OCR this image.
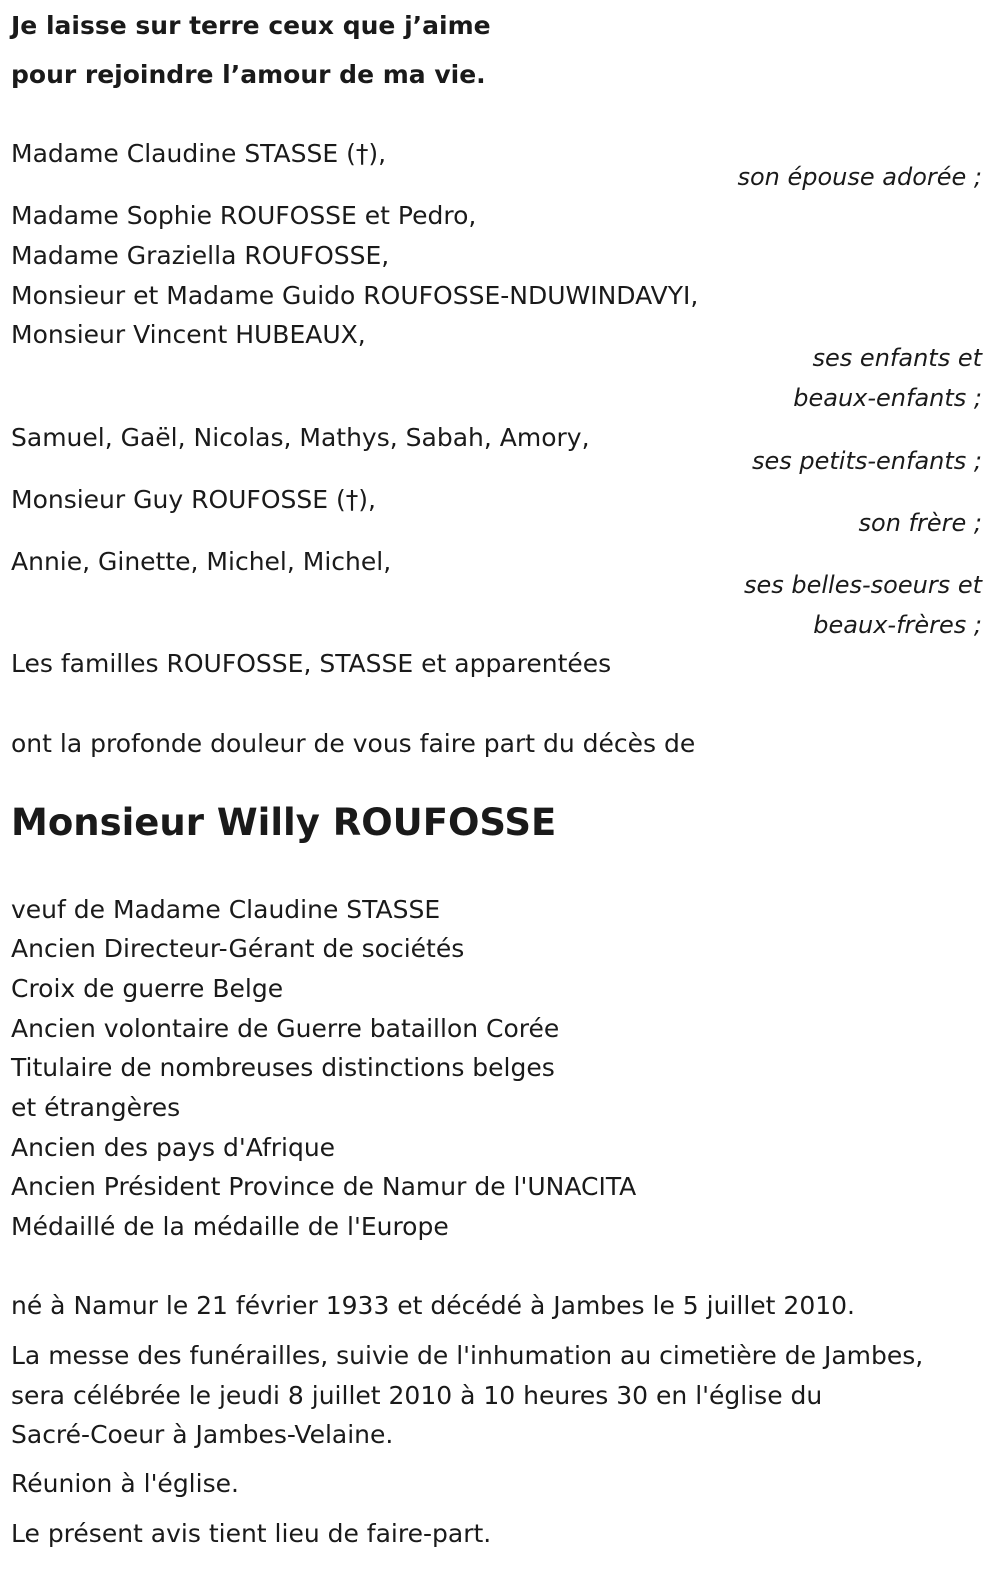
Je laisse sur terre ceux que j’aime
pour rejoindre l’amour de ma vie.
Madame Claudine STASSE (†),
son épouse adorée ;
Madame Sophie ROUFOSSE et Pedro,
Madame Graziella ROUFOSSE,
Monsieur et Madame Guido ROUFOSSE-NDUWINDAVYI,
Monsieur Vincent HUBEAUX,
ses enfants et
beaux-enfants ;
Samuel, Gaël, Nicolas, Mathys, Sabah, Amory,
ses petits-enfants ;
Monsieur Guy ROUFOSSE (†),
son frère ;
Annie, Ginette, Michel, Michel,
ses belles-soeurs et
beaux-frères ;
Les familles ROUFOSSE, STASSE et apparentées
ont la profonde douleur de vous faire part du décès de
Monsieur Willy ROUFOSSE
veuf de Madame Claudine STASSE
Ancien Directeur-Gérant de sociétés
Croix de guerre Belge
Ancien volontaire de Guerre bataillon Corée
Titulaire de nombreuses distinctions belges
et étrangères
Ancien des pays d'Afrique
Ancien Président Province de Namur de l'UNACITA
Médaillé de la médaille de l'Europe
né à Namur le 21 février 1933 et décédé à Jambes le 5 juillet 2010.
La messe des funérailles, suivie de l'inhumation au cimetière de Jambes,
sera célébrée le jeudi 8 juillet 2010 à 10 heures 30 en l'église du
Sacré-Coeur à Jambes-Velaine.
Réunion à l'église.
Le présent avis tient lieu de faire-part.
